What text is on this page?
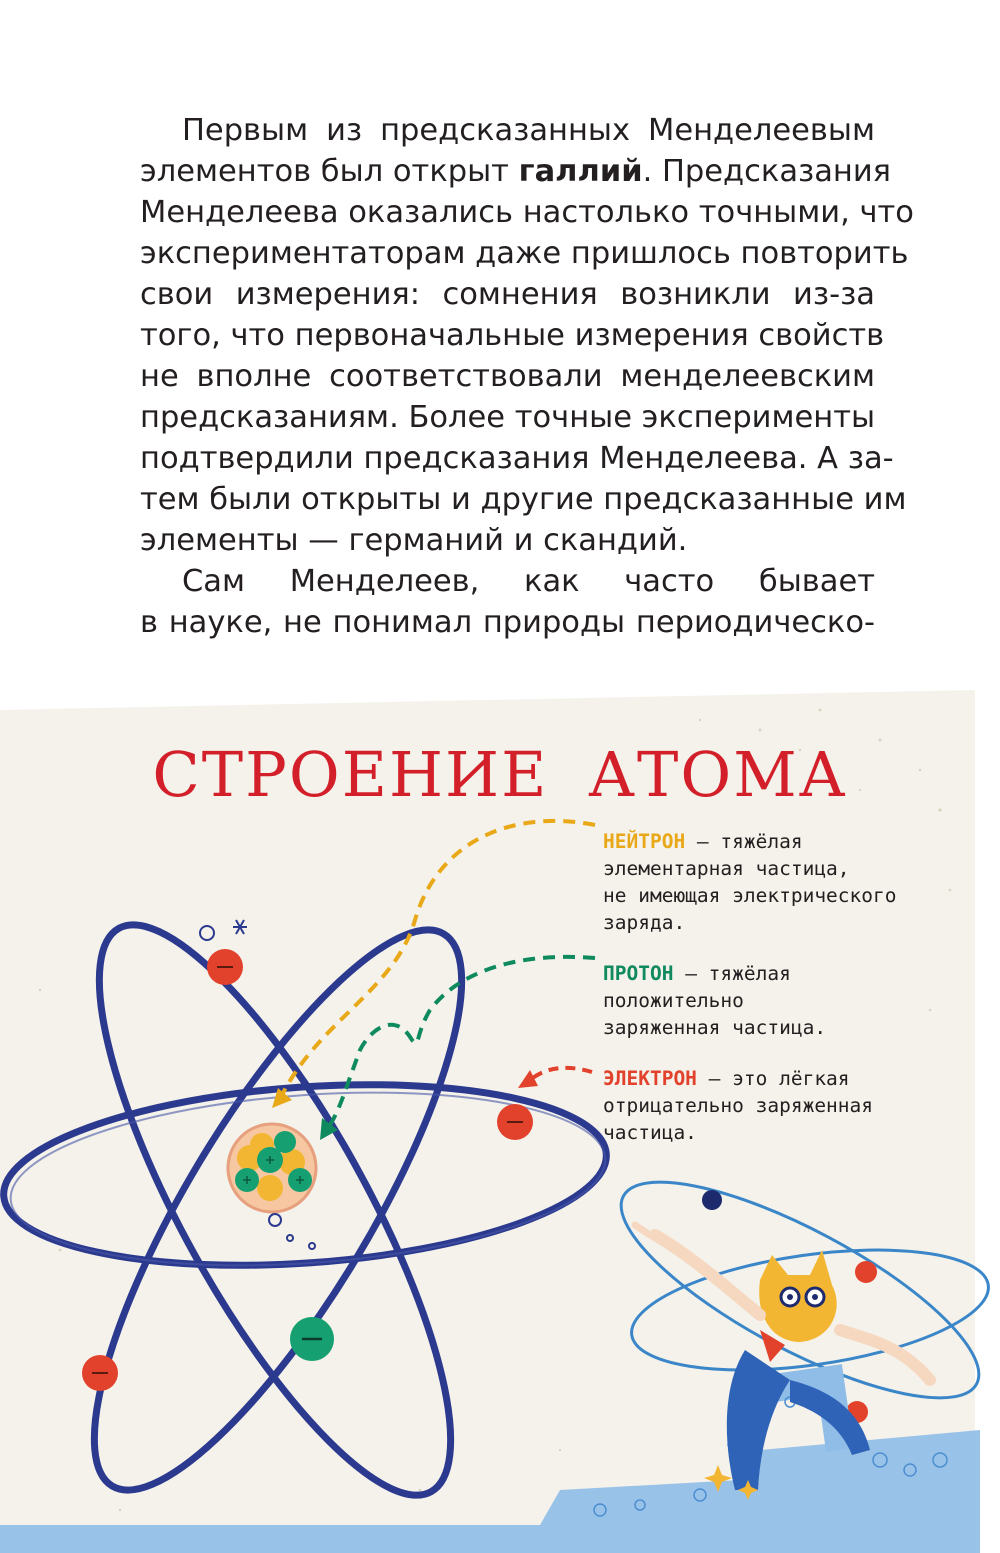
Первым из предсказанных Менделеевым
элементов был открыт галлий. Предсказания
Менделеева оказались настолько точными, что
экспериментаторам даже пришлось повторить
свои измерения: сомнения возникли из-за
того, что первоначальные измерения свойств
не вполне соответствовали менделеевским
предсказаниям. Более точные эксперименты
подтвердили предсказания Менделеева. А за-
тем были открыты и другие предсказанные им
элементы — германий и скандий.
Сам Менделеев, как часто бывает
в науке, не понимал природы периодическо-
СТРОЕНИЕ АТОМА
НЕЙТРОН — тяжёлая
элементарная частица,
не имеющая электрического
заряда.
ПРОТОН — тяжёлая
положительно
заряженная частица.
ЭЛЕКТРОН — это лёгкая
отрицательно заряженная
частица.
